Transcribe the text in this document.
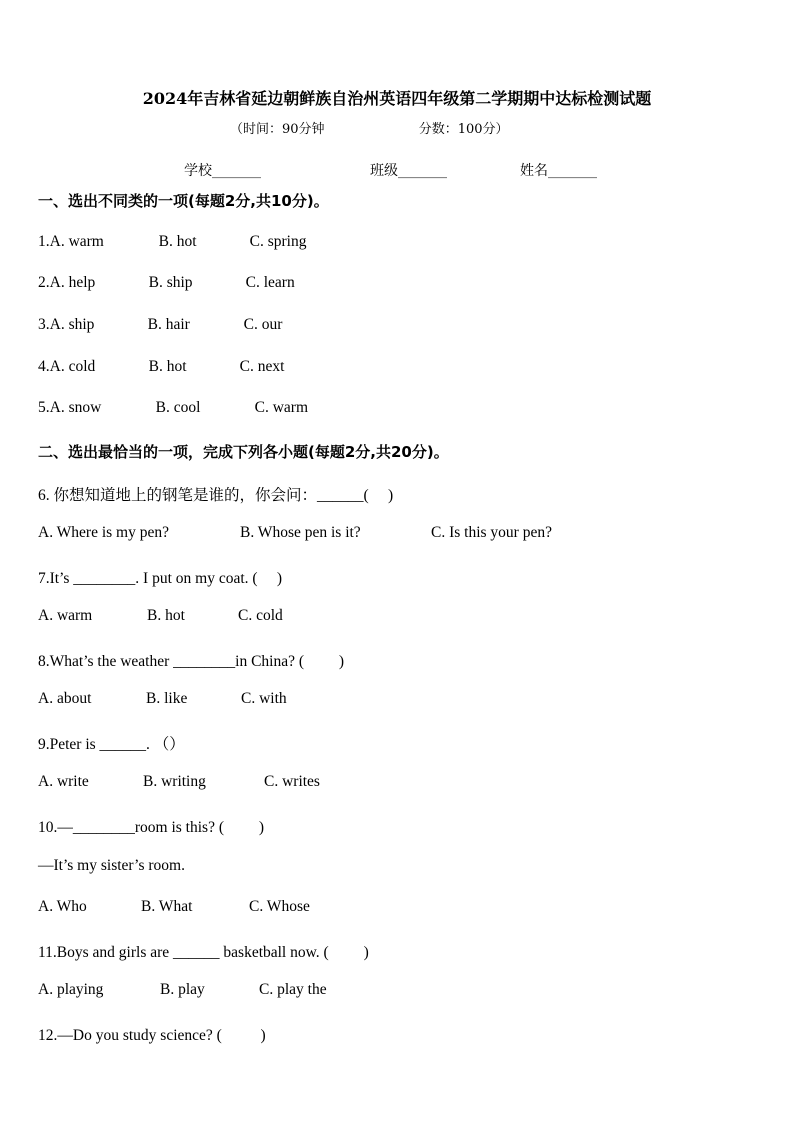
2024年吉林省延边朝鲜族自治州英语四年级第二学期期中达标检测试题
（时间：90分钟	分数：100分）
学校_______	班级_______	姓名_______
一、选出不同类的一项(每题2分,共10分)。
1.A. warm	B. hot	C. spring
2.A. help	B. ship	C. learn
3.A. ship	B. hair	C. our
4.A. cold	B. hot	C. next
5.A. snow	B. cool	C. warm
二、选出最恰当的一项，完成下列各小题(每题2分,共20分)。
6. 你想知道地上的钢笔是谁的，你会问：______(　 )
A. Where is my pen?	B. Whose pen is it?	C. Is this your pen?
7.It’s ________. I put on my coat. (　 )
A. warm	B. hot	C. cold
8.What’s the weather ________in China? (　 　)
A. about	B. like	C. with
9.Peter is ______. （）
A. write	B. writing	C. writes
10.—________room is this? (　 　)
—It’s my sister’s room.
A. Who	B. What	C. Whose
11.Boys and girls are ______ basketball now. (　 　)
A. playing	B. play	C. play the
12.—Do you study science? (　 　 )
